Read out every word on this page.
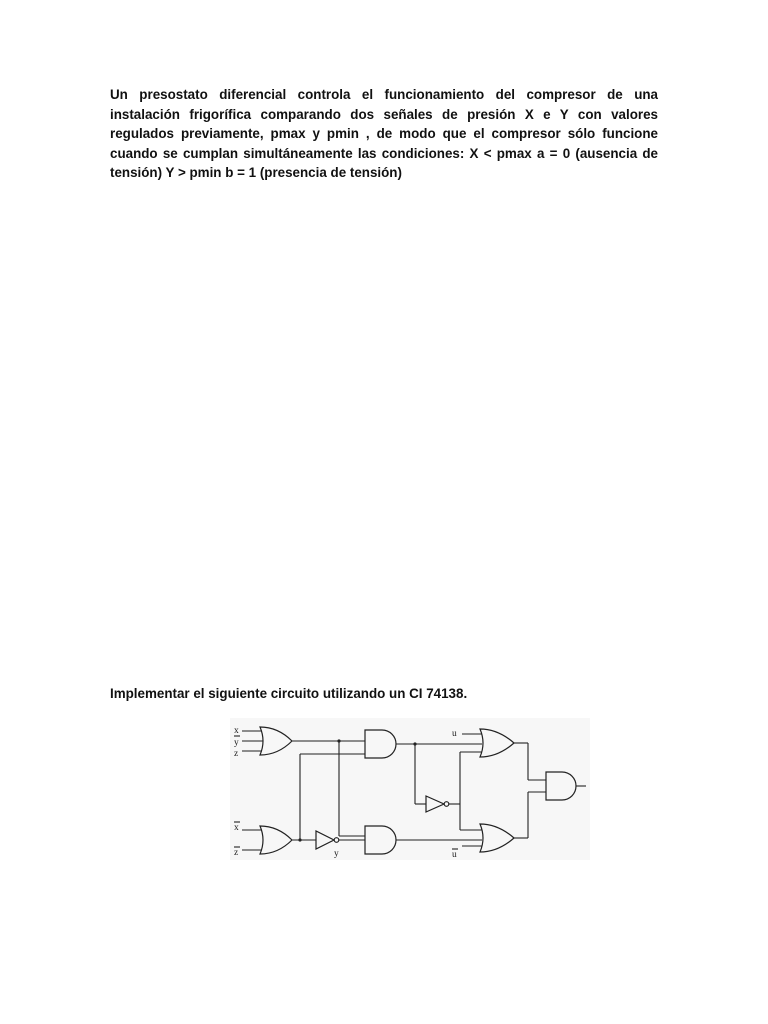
Un presostato diferencial controla el funcionamiento del compresor de una instalación frigorífica comparando dos señales de presión X e Y con valores regulados previamente, pmax y pmin , de modo que el compresor sólo funcione cuando se cumplan simultáneamente las condiciones: X < pmax a = 0 (ausencia de tensión) Y > pmin b = 1 (presencia de tensión)

Implementar el siguiente circuito utilizando un CI 74138.

x
y
z
u
x
z	y	u
